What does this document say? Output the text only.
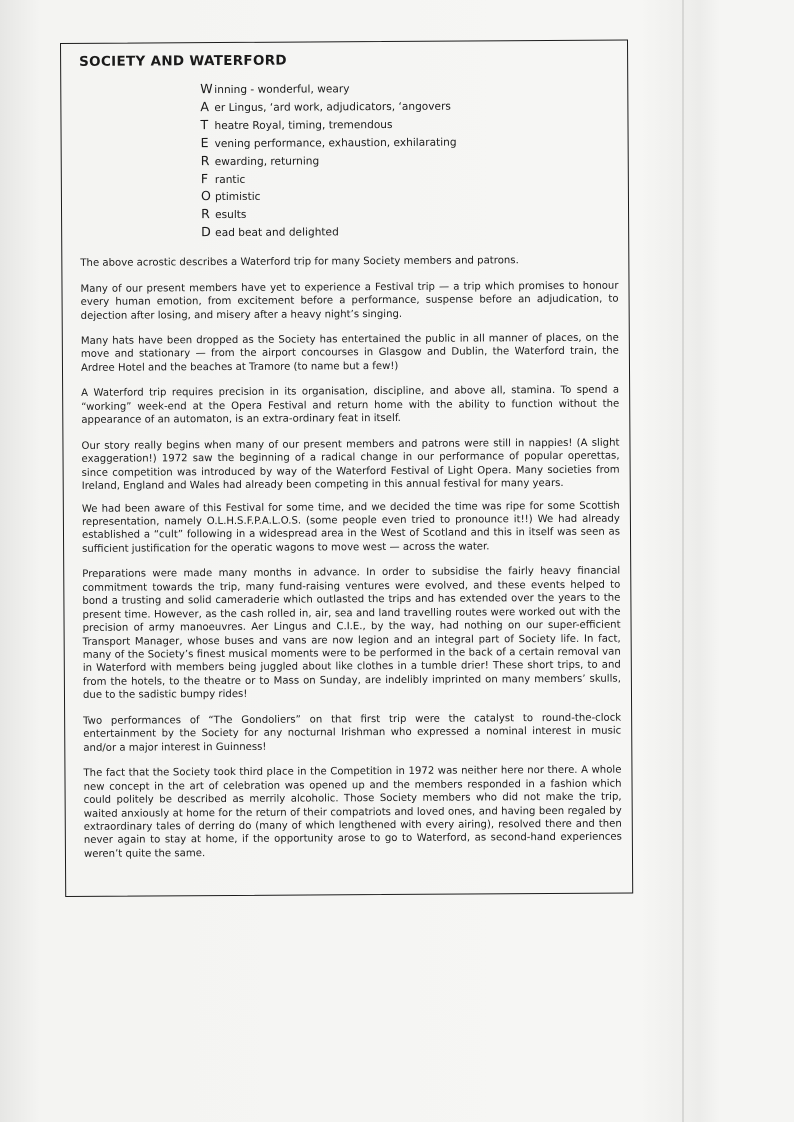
SOCIETY AND WATERFORD
Winning - wonderful, weary
A er Lingus, ‘ard work, adjudicators, ‘angovers
T heatre Royal, timing, tremendous
E vening performance, exhaustion, exhilarating
R ewarding, returning
F rantic
O ptimistic
R esults
D ead beat and delighted

The above acrostic describes a Waterford trip for many Society members and patrons.

Many of our present members have yet to experience a Festival trip — a trip which promises to honour every human emotion, from excitement before a performance, suspense before an adjudication, to dejection after losing, and misery after a heavy night’s singing.

Many hats have been dropped as the Society has entertained the public in all manner of places, on the move and stationary — from the airport concourses in Glasgow and Dublin, the Waterford train, the Ardree Hotel and the beaches at Tramore (to name but a few!)

A Waterford trip requires precision in its organisation, discipline, and above all, stamina. To spend a “working” week-end at the Opera Festival and return home with the ability to function without the appearance of an automaton, is an extra-ordinary feat in itself.

Our story really begins when many of our present members and patrons were still in nappies! (A slight exaggeration!) 1972 saw the beginning of a radical change in our performance of popular operettas, since competition was introduced by way of the Waterford Festival of Light Opera. Many societies from Ireland, England and Wales had already been competing in this annual festival for many years.

We had been aware of this Festival for some time, and we decided the time was ripe for some Scottish representation, namely O.L.H.S.F.P.A.L.O.S. (some people even tried to pronounce it!!) We had already established a “cult” following in a widespread area in the West of Scotland and this in itself was seen as sufficient justification for the operatic wagons to move west — across the water.

Preparations were made many months in advance. In order to subsidise the fairly heavy financial commitment towards the trip, many fund-raising ventures were evolved, and these events helped to bond a trusting and solid cameraderie which outlasted the trips and has extended over the years to the present time. However, as the cash rolled in, air, sea and land travelling routes were worked out with the precision of army manoeuvres. Aer Lingus and C.I.E., by the way, had nothing on our super-efficient Transport Manager, whose buses and vans are now legion and an integral part of Society life. In fact, many of the Society’s finest musical moments were to be performed in the back of a certain removal van in Waterford with members being juggled about like clothes in a tumble drier! These short trips, to and from the hotels, to the theatre or to Mass on Sunday, are indelibly imprinted on many members’ skulls, due to the sadistic bumpy rides!

Two performances of “The Gondoliers” on that first trip were the catalyst to round-the-clock entertainment by the Society for any nocturnal Irishman who expressed a nominal interest in music and/or a major interest in Guinness!

The fact that the Society took third place in the Competition in 1972 was neither here nor there. A whole new concept in the art of celebration was opened up and the members responded in a fashion which could politely be described as merrily alcoholic. Those Society members who did not make the trip, waited anxiously at home for the return of their compatriots and loved ones, and having been regaled by extraordinary tales of derring do (many of which lengthened with every airing), resolved there and then never again to stay at home, if the opportunity arose to go to Waterford, as second-hand experiences weren’t quite the same.
